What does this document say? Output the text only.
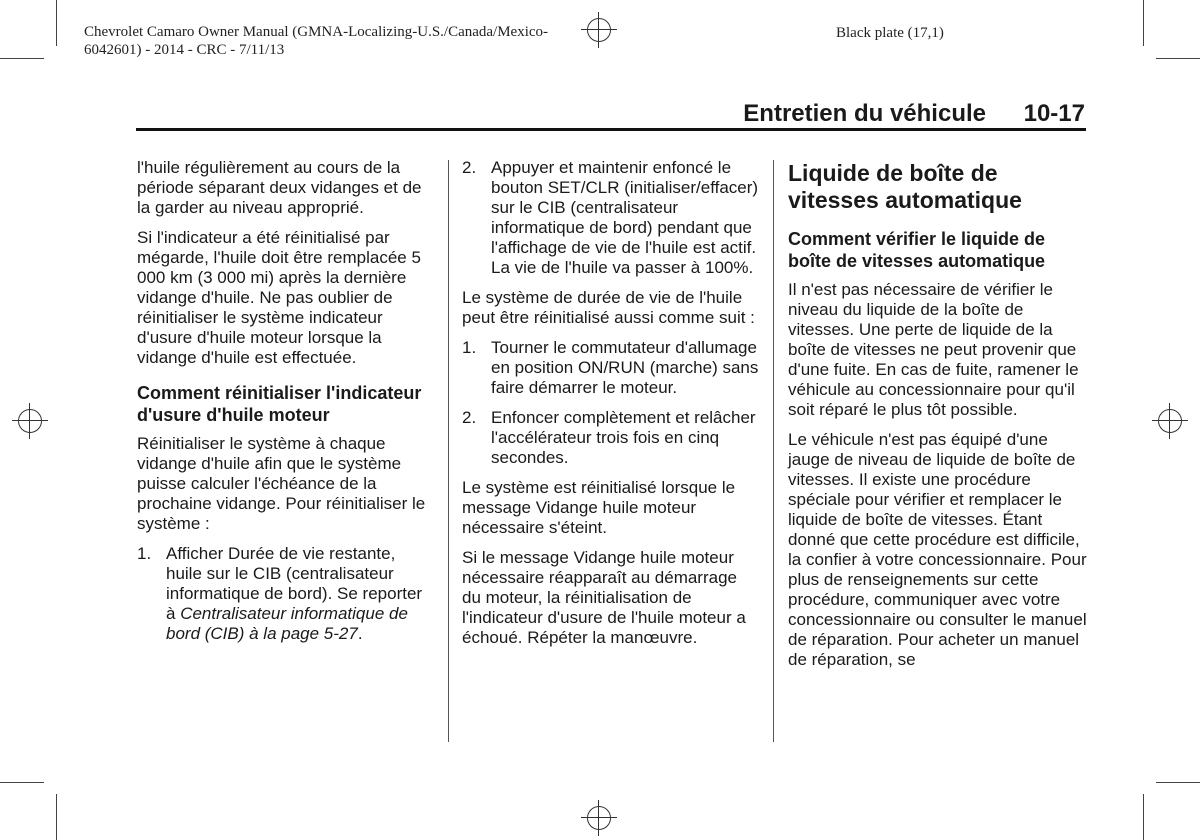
Chevrolet Camaro Owner Manual (GMNA-Localizing-U.S./Canada/Mexico-
6042601) - 2014 - CRC - 7/11/13
Black plate (17,1)
Entretien du véhicule 10-17

l'huile régulièrement au cours de la période séparant deux vidanges et de la garder au niveau approprié.

Si l'indicateur a été réinitialisé par mégarde, l'huile doit être remplacée 5 000 km (3 000 mi) après la dernière vidange d'huile. Ne pas oublier de réinitialiser le système indicateur d'usure d'huile moteur lorsque la vidange d'huile est effectuée.

Comment réinitialiser l'indicateur d'usure d'huile moteur

Réinitialiser le système à chaque vidange d'huile afin que le système puisse calculer l'échéance de la prochaine vidange. Pour réinitialiser le système :

1. Afficher Durée de vie restante, huile sur le CIB (centralisateur informatique de bord). Se reporter à Centralisateur informatique de bord (CIB) à la page 5-27.
2. Appuyer et maintenir enfoncé le bouton SET/CLR (initialiser/effacer) sur le CIB (centralisateur informatique de bord) pendant que l'affichage de vie de l'huile est actif. La vie de l'huile va passer à 100%.

Le système de durée de vie de l'huile peut être réinitialisé aussi comme suit :

1. Tourner le commutateur d'allumage en position ON/RUN (marche) sans faire démarrer le moteur.
2. Enfoncer complètement et relâcher l'accélérateur trois fois en cinq secondes.

Le système est réinitialisé lorsque le message Vidange huile moteur nécessaire s'éteint.

Si le message Vidange huile moteur nécessaire réapparaît au démarrage du moteur, la réinitialisation de l'indicateur d'usure de l'huile moteur a échoué. Répéter la manœuvre.

Liquide de boîte de vitesses automatique
Comment vérifier le liquide de boîte de vitesses automatique

Il n'est pas nécessaire de vérifier le niveau du liquide de la boîte de vitesses. Une perte de liquide de la boîte de vitesses ne peut provenir que d'une fuite. En cas de fuite, ramener le véhicule au concessionnaire pour qu'il soit réparé le plus tôt possible.

Le véhicule n'est pas équipé d'une jauge de niveau de liquide de boîte de vitesses. Il existe une procédure spéciale pour vérifier et remplacer le liquide de boîte de vitesses. Étant donné que cette procédure est difficile, la confier à votre concessionnaire. Pour plus de renseignements sur cette procédure, communiquer avec votre concessionnaire ou consulter le manuel de réparation. Pour acheter un manuel de réparation, se
